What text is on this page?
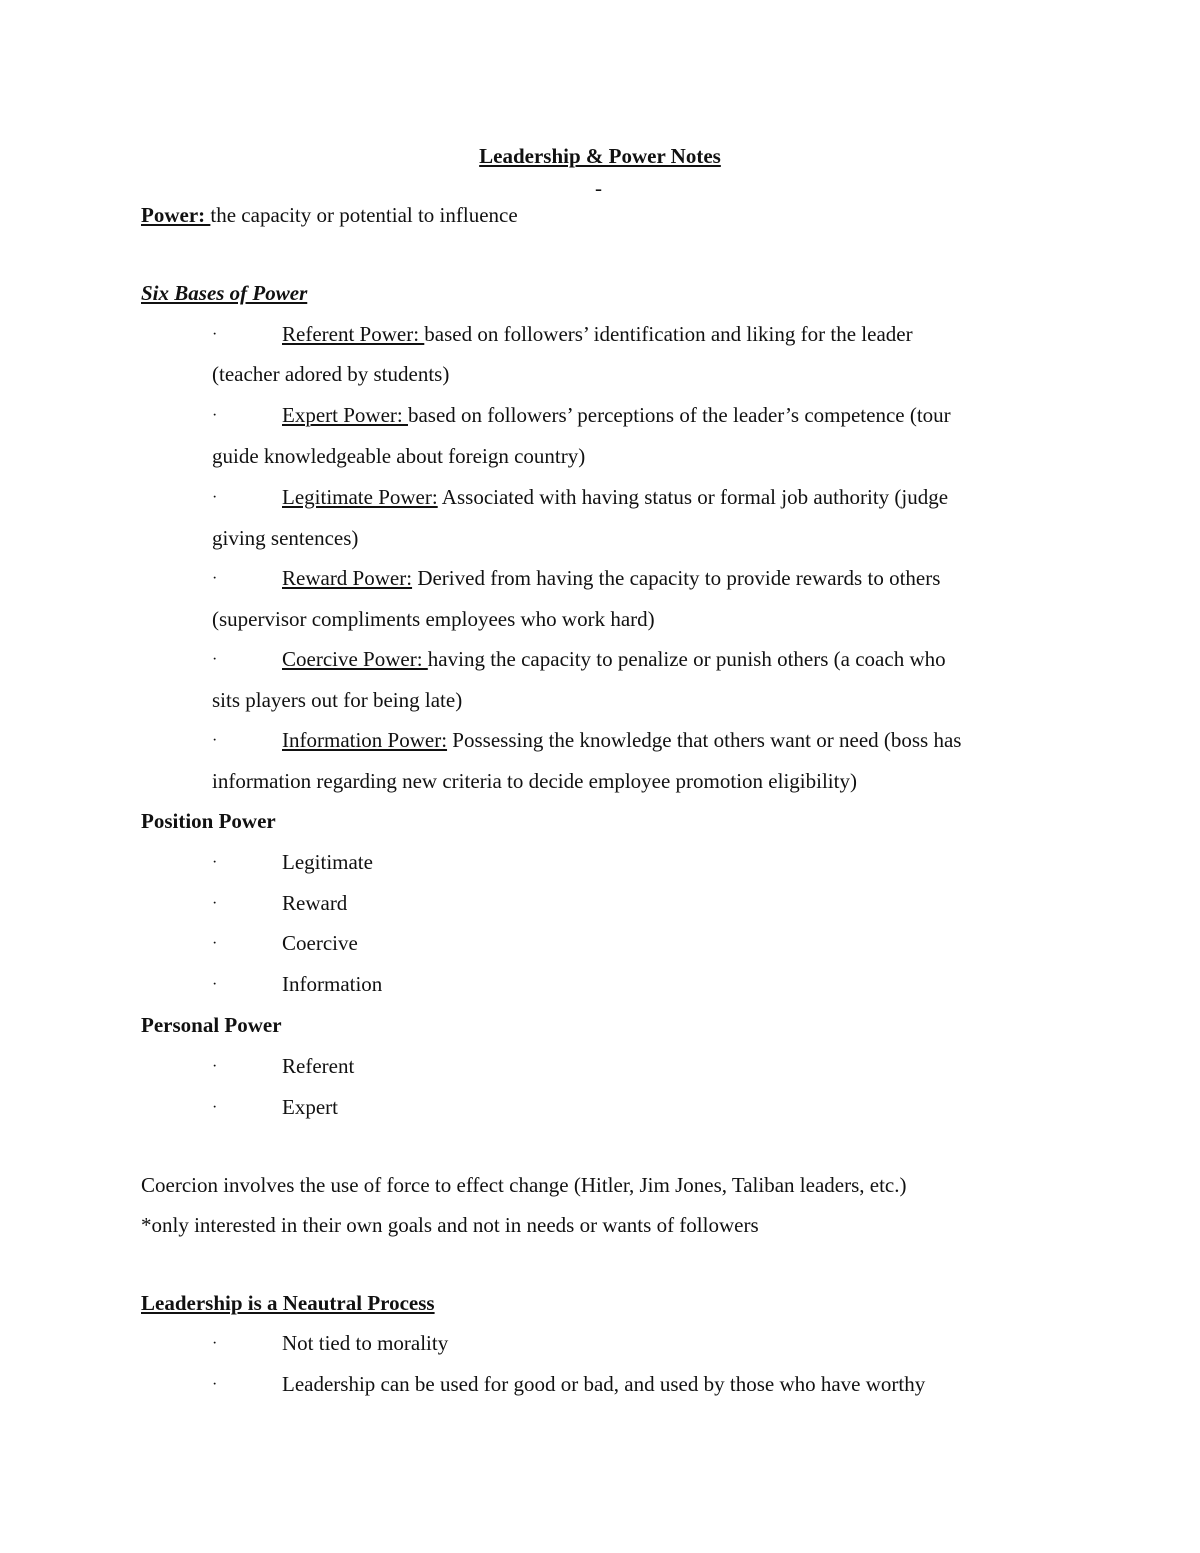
Leadership & Power Notes
-
Power: the capacity or potential to influence
Six Bases of Power
·	Referent Power: based on followers’ identification and liking for the leader
(teacher adored by students)
·	Expert Power: based on followers’ perceptions of the leader’s competence (tour
guide knowledgeable about foreign country)
·	Legitimate Power: Associated with having status or formal job authority (judge
giving sentences)
·	Reward Power: Derived from having the capacity to provide rewards to others
(supervisor compliments employees who work hard)
·	Coercive Power: having the capacity to penalize or punish others (a coach who
sits players out for being late)
·	Information Power: Possessing the knowledge that others want or need (boss has
information regarding new criteria to decide employee promotion eligibility)
Position Power
·	Legitimate
·	Reward
·	Coercive
·	Information
Personal Power
·	Referent
·	Expert
Coercion involves the use of force to effect change (Hitler, Jim Jones, Taliban leaders, etc.)
*only interested in their own goals and not in needs or wants of followers
Leadership is a Neautral Process
·	Not tied to morality
·	Leadership can be used for good or bad, and used by those who have worthy
